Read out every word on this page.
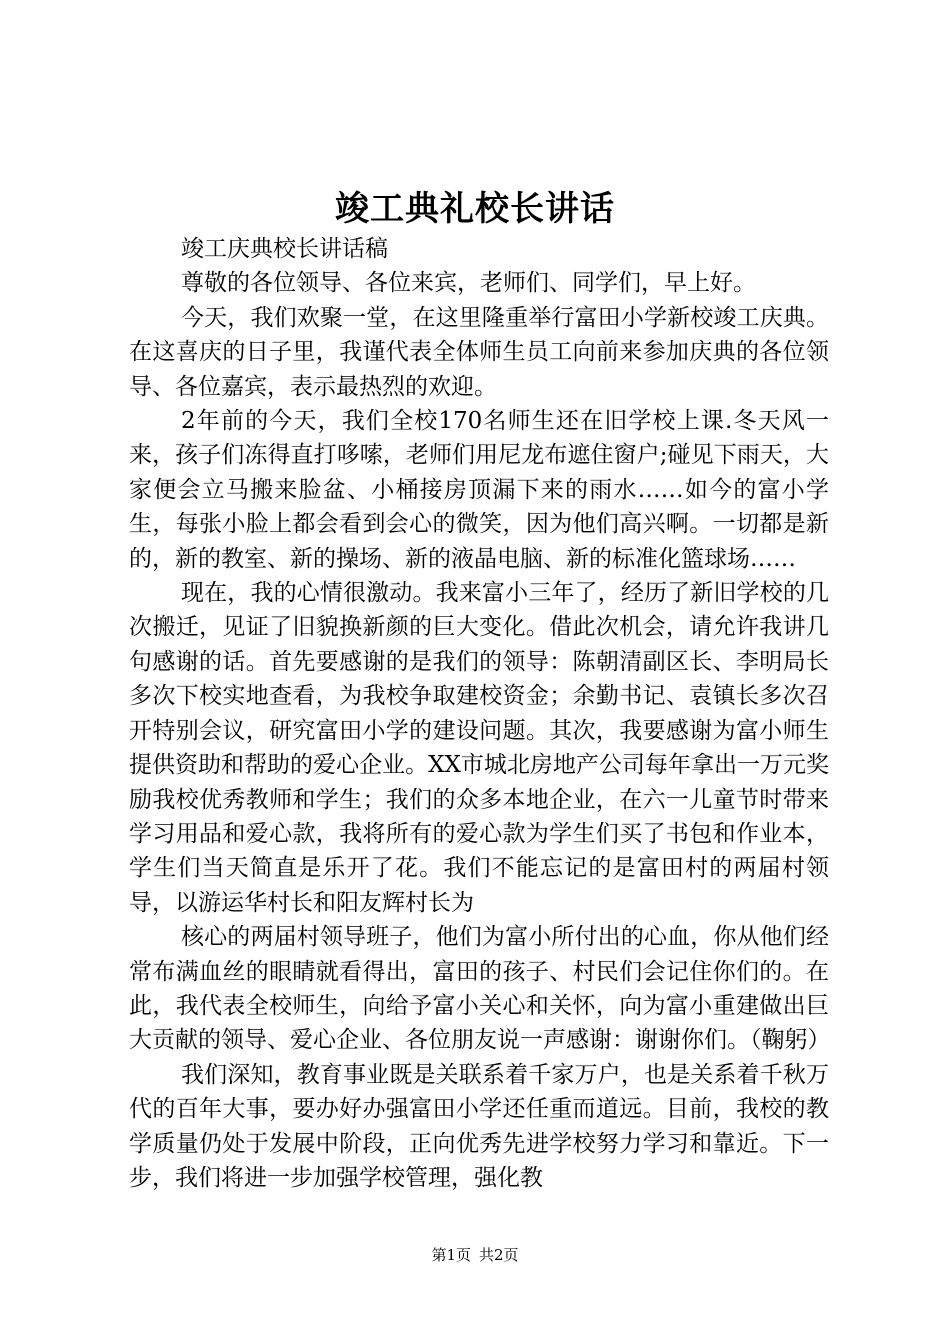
竣工典礼校长讲话

竣工庆典校长讲话稿

尊敬的各位领导、各位来宾，老师们、同学们，早上好。

今天，我们欢聚一堂，在这里隆重举行富田小学新校竣工庆典。在这喜庆的日子里，我谨代表全体师生员工向前来参加庆典的各位领导、各位嘉宾，表示最热烈的欢迎。

2年前的今天，我们全校170名师生还在旧学校上课.冬天风一来，孩子们冻得直打哆嗦，老师们用尼龙布遮住窗户;碰见下雨天，大家便会立马搬来脸盆、小桶接房顶漏下来的雨水……如今的富小学生，每张小脸上都会看到会心的微笑，因为他们高兴啊。一切都是新的，新的教室、新的操场、新的液晶电脑、新的标准化篮球场……

现在，我的心情很激动。我来富小三年了，经历了新旧学校的几次搬迁，见证了旧貌换新颜的巨大变化。借此次机会，请允许我讲几句感谢的话。首先要感谢的是我们的领导：陈朝清副区长、李明局长多次下校实地查看，为我校争取建校资金；余勤书记、袁镇长多次召开特别会议，研究富田小学的建设问题。其次，我要感谢为富小师生提供资助和帮助的爱心企业。XX市城北房地产公司每年拿出一万元奖励我校优秀教师和学生；我们的众多本地企业，在六一儿童节时带来学习用品和爱心款，我将所有的爱心款为学生们买了书包和作业本，学生们当天简直是乐开了花。我们不能忘记的是富田村的两届村领导，以游运华村长和阳友辉村长为

核心的两届村领导班子，他们为富小所付出的心血，你从他们经常布满血丝的眼睛就看得出，富田的孩子、村民们会记住你们的。在此，我代表全校师生，向给予富小关心和关怀，向为富小重建做出巨大贡献的领导、爱心企业、各位朋友说一声感谢：谢谢你们。（鞠躬）

我们深知，教育事业既是关联系着千家万户，也是关系着千秋万代的百年大事，要办好办强富田小学还任重而道远。目前，我校的教学质量仍处于发展中阶段，正向优秀先进学校努力学习和靠近。下一步，我们将进一步加强学校管理，强化教

第1页 共2页
